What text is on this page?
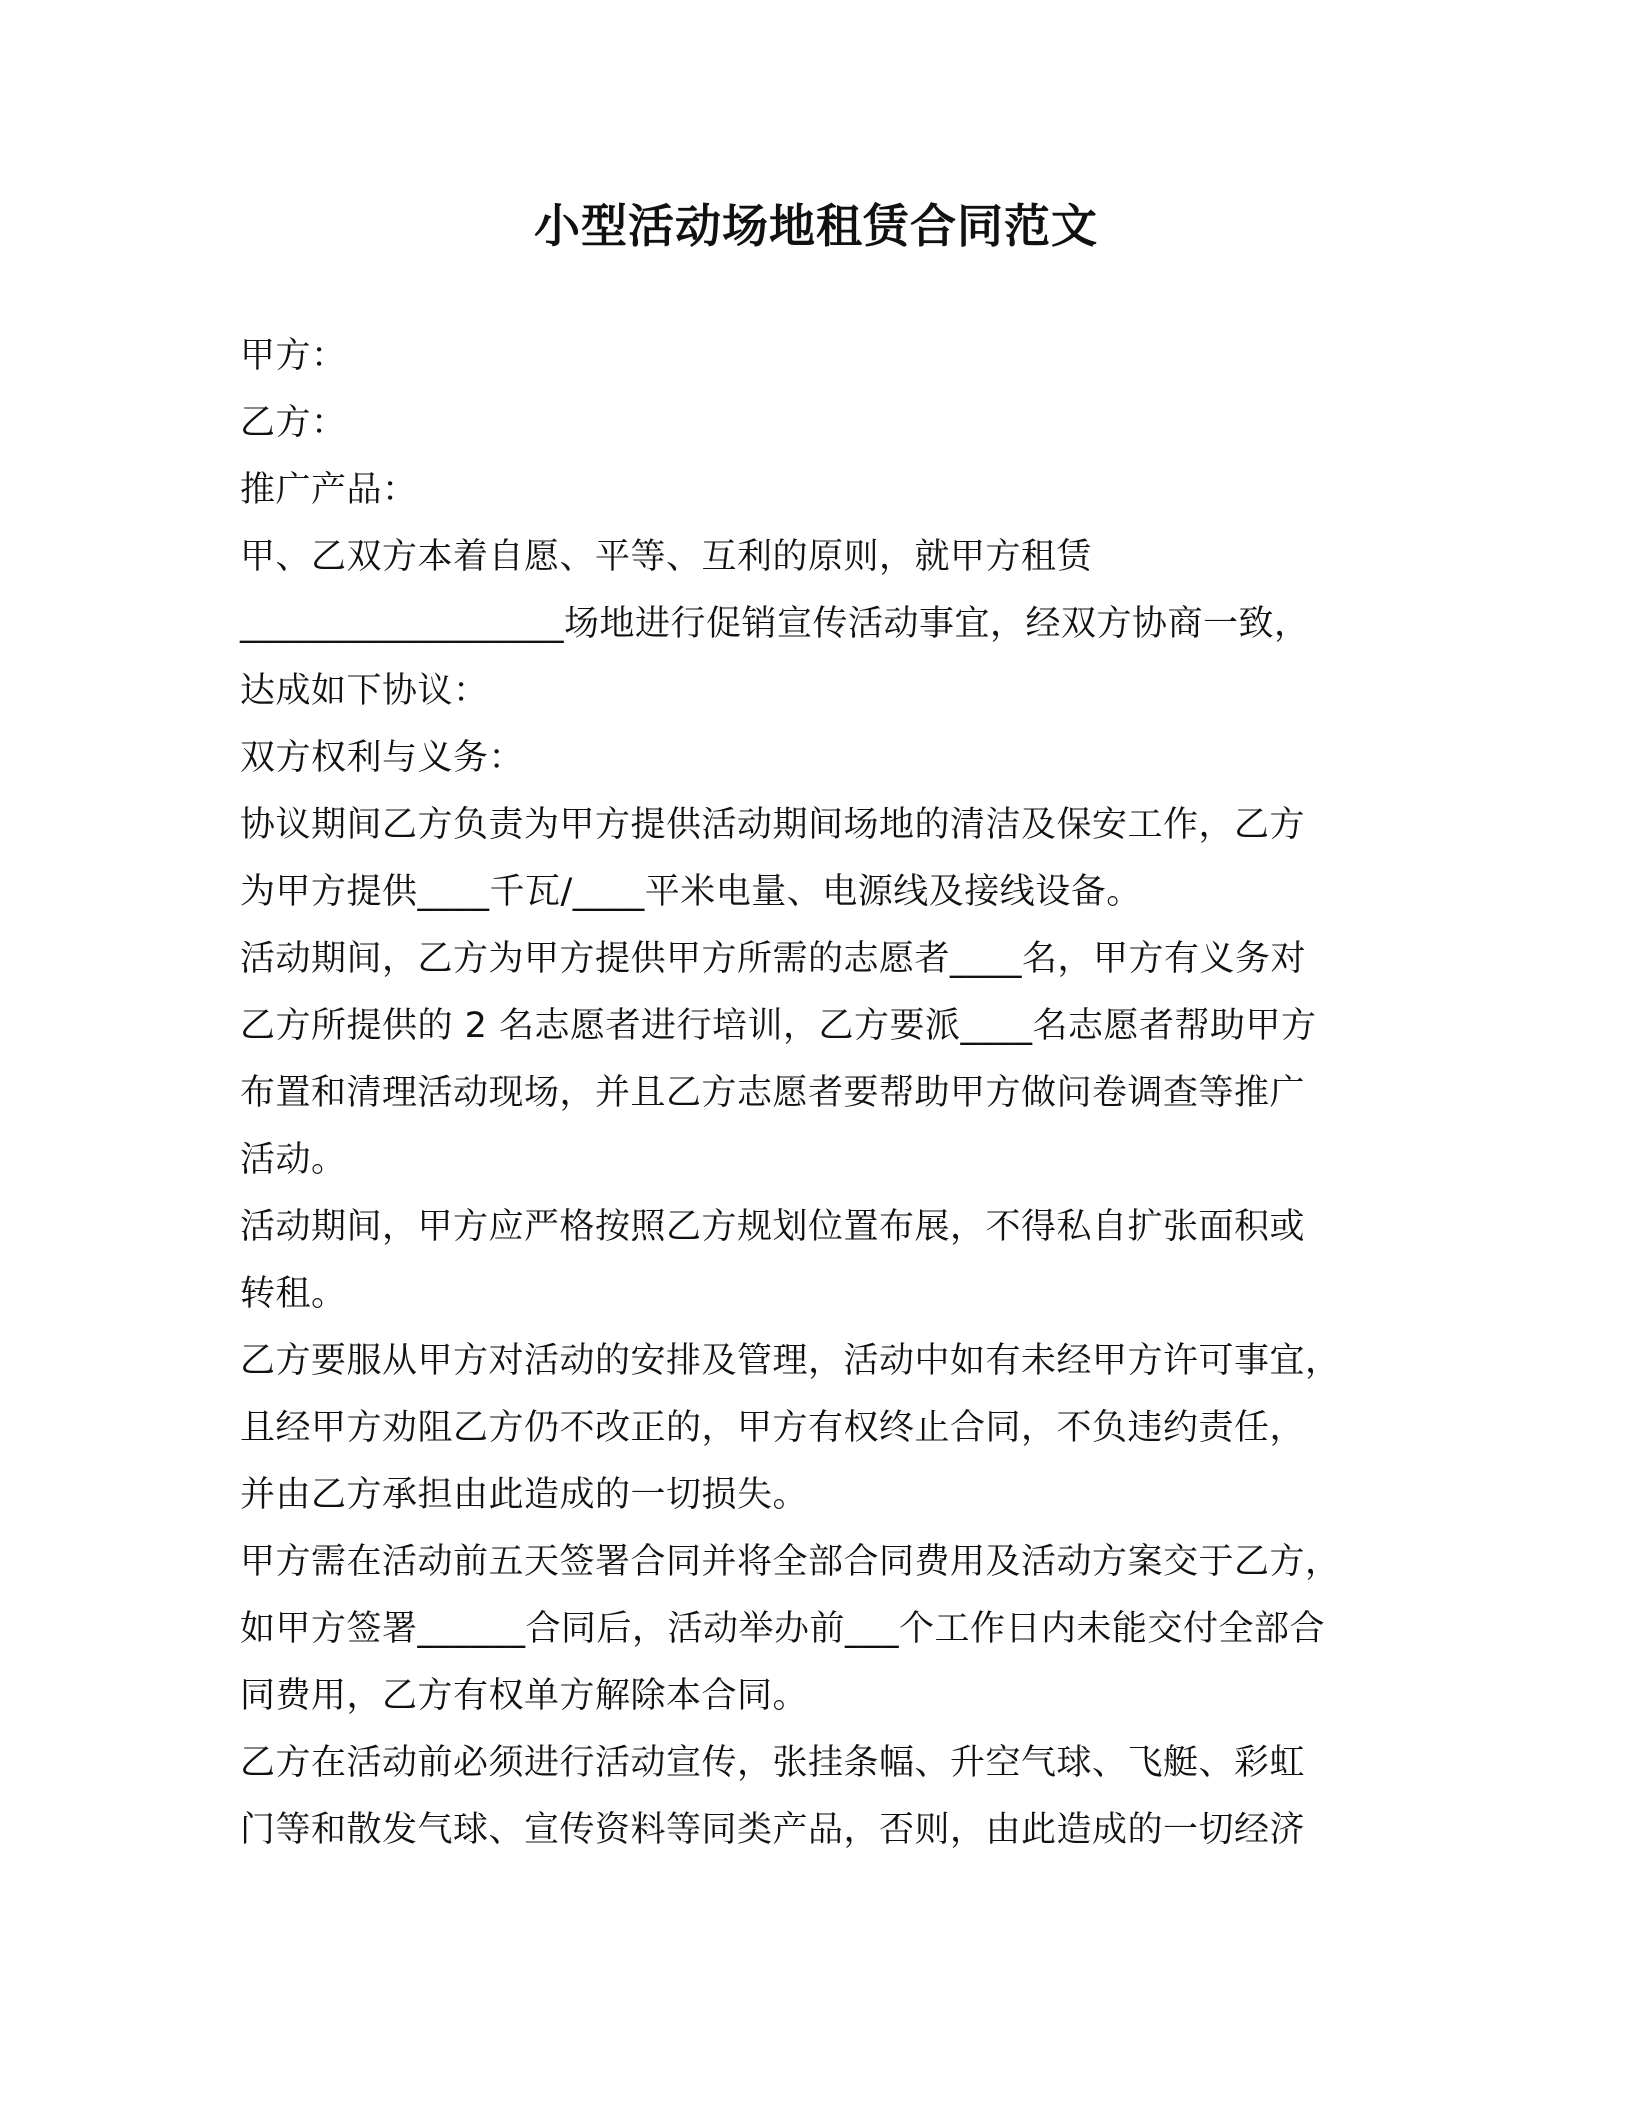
小型活动场地租赁合同范文
甲方：
乙方：
推广产品：
甲、乙双方本着自愿、平等、互利的原则，就甲方租赁
__________________场地进行促销宣传活动事宜，经双方协商一致，
达成如下协议：
双方权利与义务：
协议期间乙方负责为甲方提供活动期间场地的清洁及保安工作，乙方
为甲方提供____千瓦/____平米电量、电源线及接线设备。
活动期间，乙方为甲方提供甲方所需的志愿者____名，甲方有义务对
乙方所提供的 2 名志愿者进行培训，乙方要派____名志愿者帮助甲方
布置和清理活动现场，并且乙方志愿者要帮助甲方做问卷调查等推广
活动。
活动期间，甲方应严格按照乙方规划位置布展，不得私自扩张面积或
转租。
乙方要服从甲方对活动的安排及管理，活动中如有未经甲方许可事宜，
且经甲方劝阻乙方仍不改正的，甲方有权终止合同，不负违约责任，
并由乙方承担由此造成的一切损失。
甲方需在活动前五天签署合同并将全部合同费用及活动方案交于乙方，
如甲方签署______合同后，活动举办前___个工作日内未能交付全部合
同费用，乙方有权单方解除本合同。
乙方在活动前必须进行活动宣传，张挂条幅、升空气球、飞艇、彩虹
门等和散发气球、宣传资料等同类产品，否则，由此造成的一切经济
